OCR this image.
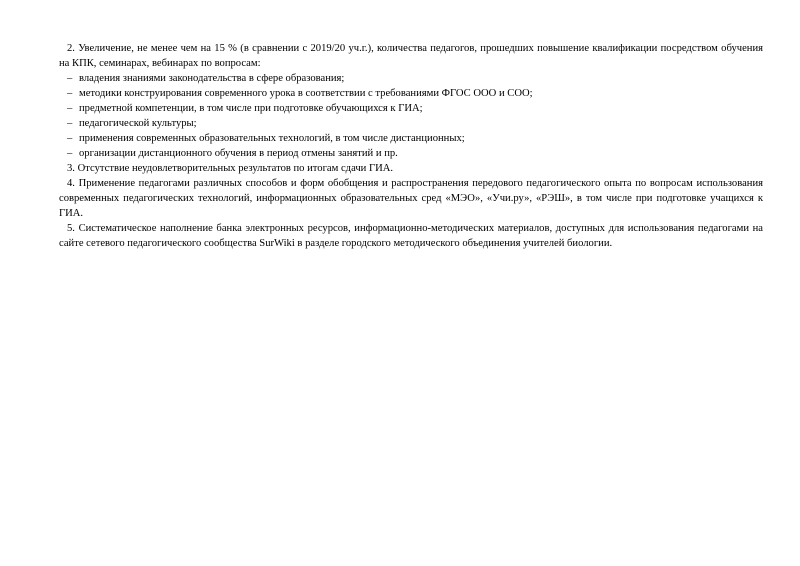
2. Увеличение, не менее чем на 15 % (в сравнении с 2019/20 уч.г.), количества педагогов, прошедших повышение квалификации посредством обучения на КПК, семинарах, вебинарах по вопросам:

– владения знаниями законодательства в сфере образования;
– методики конструирования современного урока в соответствии с требованиями ФГОС ООО и СОО;
– предметной компетенции, в том числе при подготовке обучающихся к ГИА;
– педагогической культуры;
– применения современных образовательных технологий, в том числе дистанционных;
– организации дистанционного обучения в период отмены занятий и пр.

3. Отсутствие неудовлетворительных результатов по итогам сдачи ГИА.

4. Применение педагогами различных способов и форм обобщения и распространения передового педагогического опыта по вопросам использования современных педагогических технологий, информационных образовательных сред «МЭО», «Учи.ру», «РЭШ», в том числе при подготовке учащихся к ГИА.

5. Систематическое наполнение банка электронных ресурсов, информационно-методических материалов, доступных для использования педагогами на сайте сетевого педагогического сообщества SurWiki в разделе городского методического объединения учителей биологии.
